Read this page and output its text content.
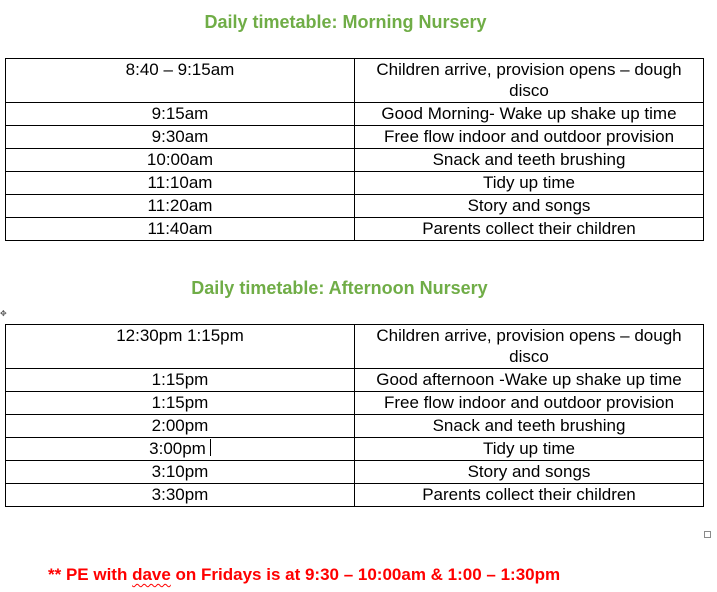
Daily timetable: Morning Nursery
8:40 – 9:15am	Children arrive, provision opens – dough disco
9:15am	Good Morning- Wake up shake up time
9:30am	Free flow indoor and outdoor provision
10:00am	Snack and teeth brushing
11:10am	Tidy up time
11:20am	Story and songs
11:40am	Parents collect their children
Daily timetable: Afternoon Nursery
✥
12:30pm 1:15pm	Children arrive, provision opens – dough disco
1:15pm	Good afternoon -Wake up shake up time
1:15pm	Free flow indoor and outdoor provision
2:00pm	Snack and teeth brushing
3:00pm	Tidy up time
3:10pm	Story and songs
3:30pm	Parents collect their children
** PE with dave on Fridays is at 9:30 – 10:00am & 1:00 – 1:30pm
